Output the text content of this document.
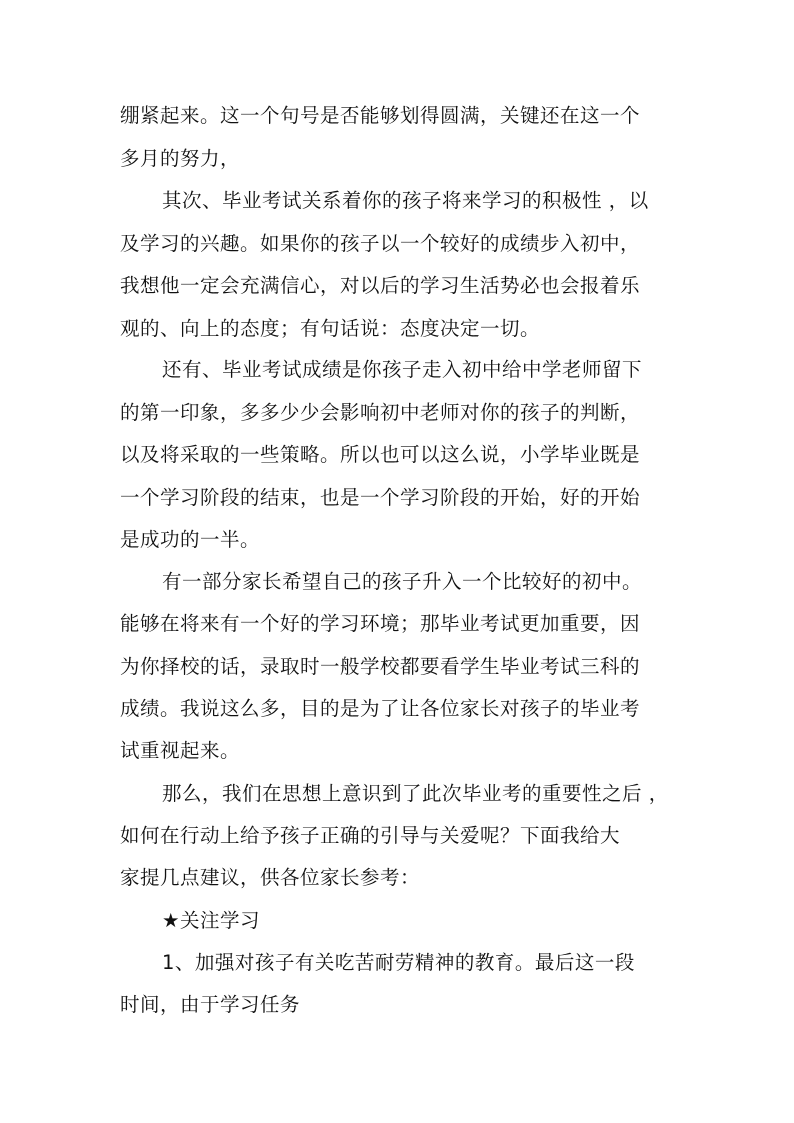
绷紧起来。这一个句号是否能够划得圆满，关键还在这一个
多月的努力，
其次、毕业考试关系着你的孩子将来学习的积极性 ，以
及学习的兴趣。如果你的孩子以一个较好的成绩步入初中，
我想他一定会充满信心，对以后的学习生活势必也会报着乐
观的、向上的态度；有句话说：态度决定一切。
还有、毕业考试成绩是你孩子走入初中给中学老师留下
的第一印象，多多少少会影响初中老师对你的孩子的判断，
以及将采取的一些策略。所以也可以这么说，小学毕业既是
一个学习阶段的结束，也是一个学习阶段的开始，好的开始
是成功的一半。
有一部分家长希望自己的孩子升入一个比较好的初中。
能够在将来有一个好的学习环境；那毕业考试更加重要，因
为你择校的话，录取时一般学校都要看学生毕业考试三科的
成绩。我说这么多，目的是为了让各位家长对孩子的毕业考
试重视起来。
那么，我们在思想上意识到了此次毕业考的重要性之后 ，
如何在行动上给予孩子正确的引导与关爱呢？下面我给大
家提几点建议，供各位家长参考：
★关注学习
1、加强对孩子有关吃苦耐劳精神的教育。最后这一段
时间，由于学习任务
